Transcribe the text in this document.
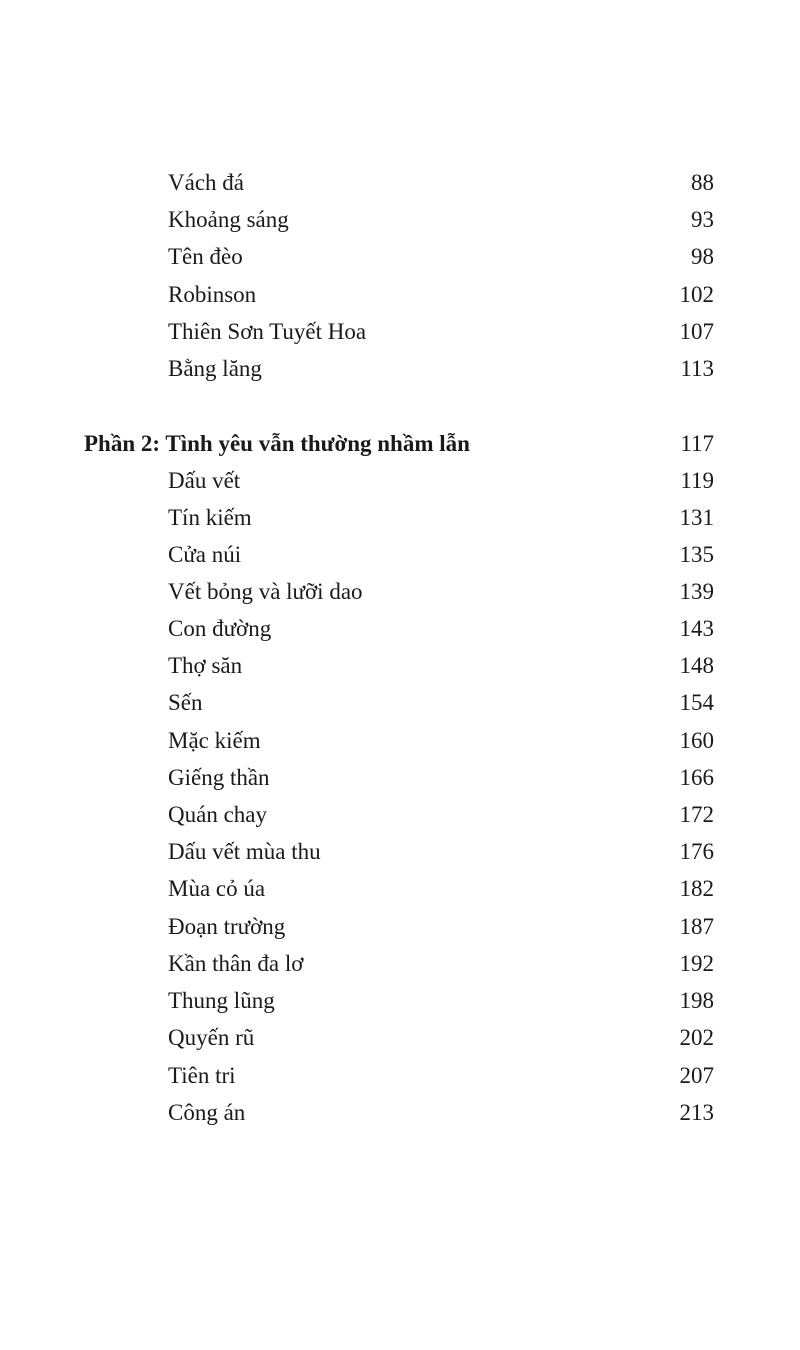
Vách đá	88
Khoảng sáng	93
Tên đèo	98
Robinson	102
Thiên Sơn Tuyết Hoa	107
Bằng lăng	113
Phần 2: Tình yêu vẫn thường nhầm lẫn	117
Dấu vết	119
Tín kiếm	131
Cửa núi	135
Vết bỏng và lưỡi dao	139
Con đường	143
Thợ săn	148
Sến	154
Mặc kiếm	160
Giếng thần	166
Quán chay	172
Dấu vết mùa thu	176
Mùa cỏ úa	182
Đoạn trường	187
Kần thân đa lơ	192
Thung lũng	198
Quyến rũ	202
Tiên tri	207
Công án	213
